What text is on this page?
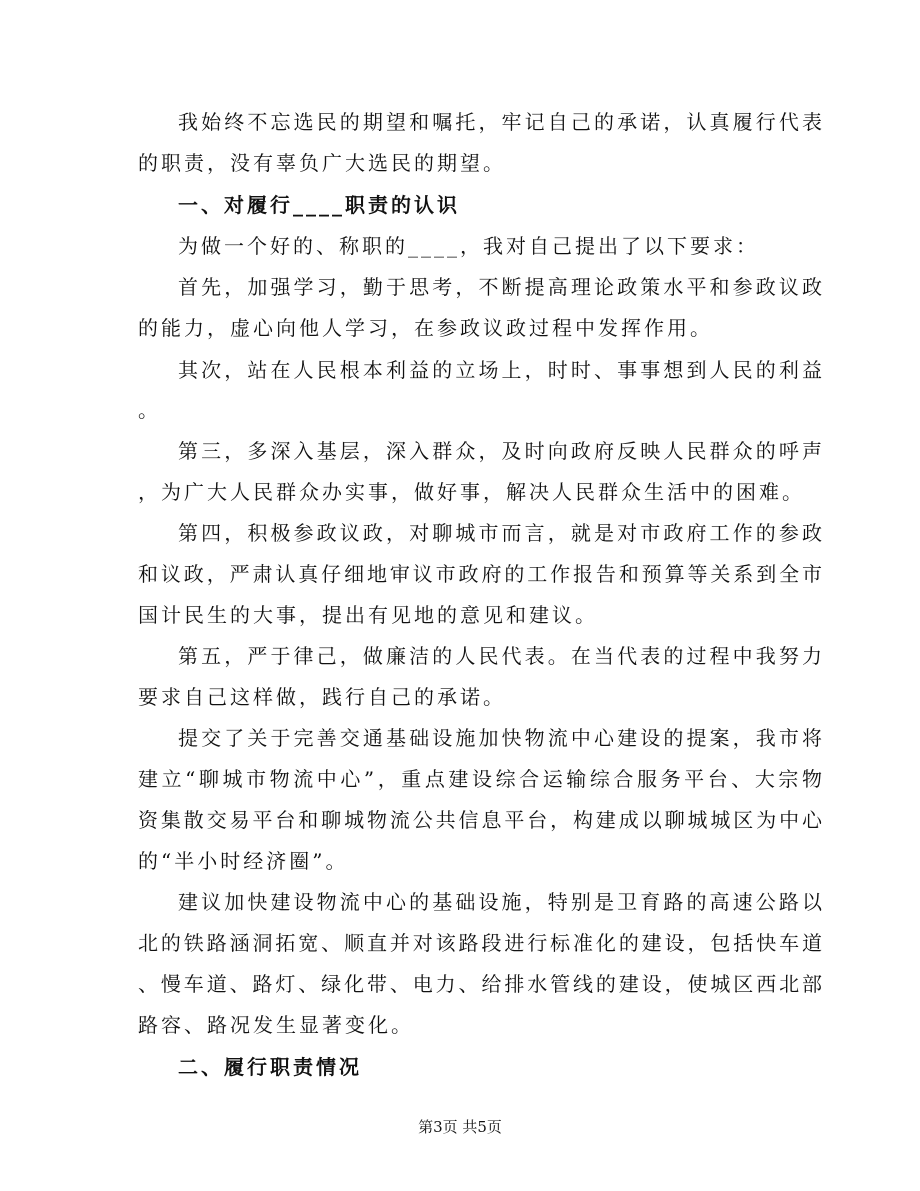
我始终不忘选民的期望和嘱托，牢记自己的承诺，认真履行代表
的职责，没有辜负广大选民的期望。
一、对履行____职责的认识
为做一个好的、称职的____，我对自己提出了以下要求：
首先，加强学习，勤于思考，不断提高理论政策水平和参政议政
的能力，虚心向他人学习，在参政议政过程中发挥作用。
其次，站在人民根本利益的立场上，时时、事事想到人民的利益
。
第三，多深入基层，深入群众，及时向政府反映人民群众的呼声
，为广大人民群众办实事，做好事，解决人民群众生活中的困难。
第四，积极参政议政，对聊城市而言，就是对市政府工作的参政
和议政，严肃认真仔细地审议市政府的工作报告和预算等关系到全市
国计民生的大事，提出有见地的意见和建议。
第五，严于律己，做廉洁的人民代表。在当代表的过程中我努力
要求自己这样做，践行自己的承诺。
提交了关于完善交通基础设施加快物流中心建设的提案，我市将
建立“聊城市物流中心”，重点建设综合运输综合服务平台、大宗物
资集散交易平台和聊城物流公共信息平台，构建成以聊城城区为中心
的“半小时经济圈”。
建议加快建设物流中心的基础设施，特别是卫育路的高速公路以
北的铁路涵洞拓宽、顺直并对该路段进行标准化的建设，包括快车道
、慢车道、路灯、绿化带、电力、给排水管线的建设，使城区西北部
路容、路况发生显著变化。
二、履行职责情况
第3页 共5页
